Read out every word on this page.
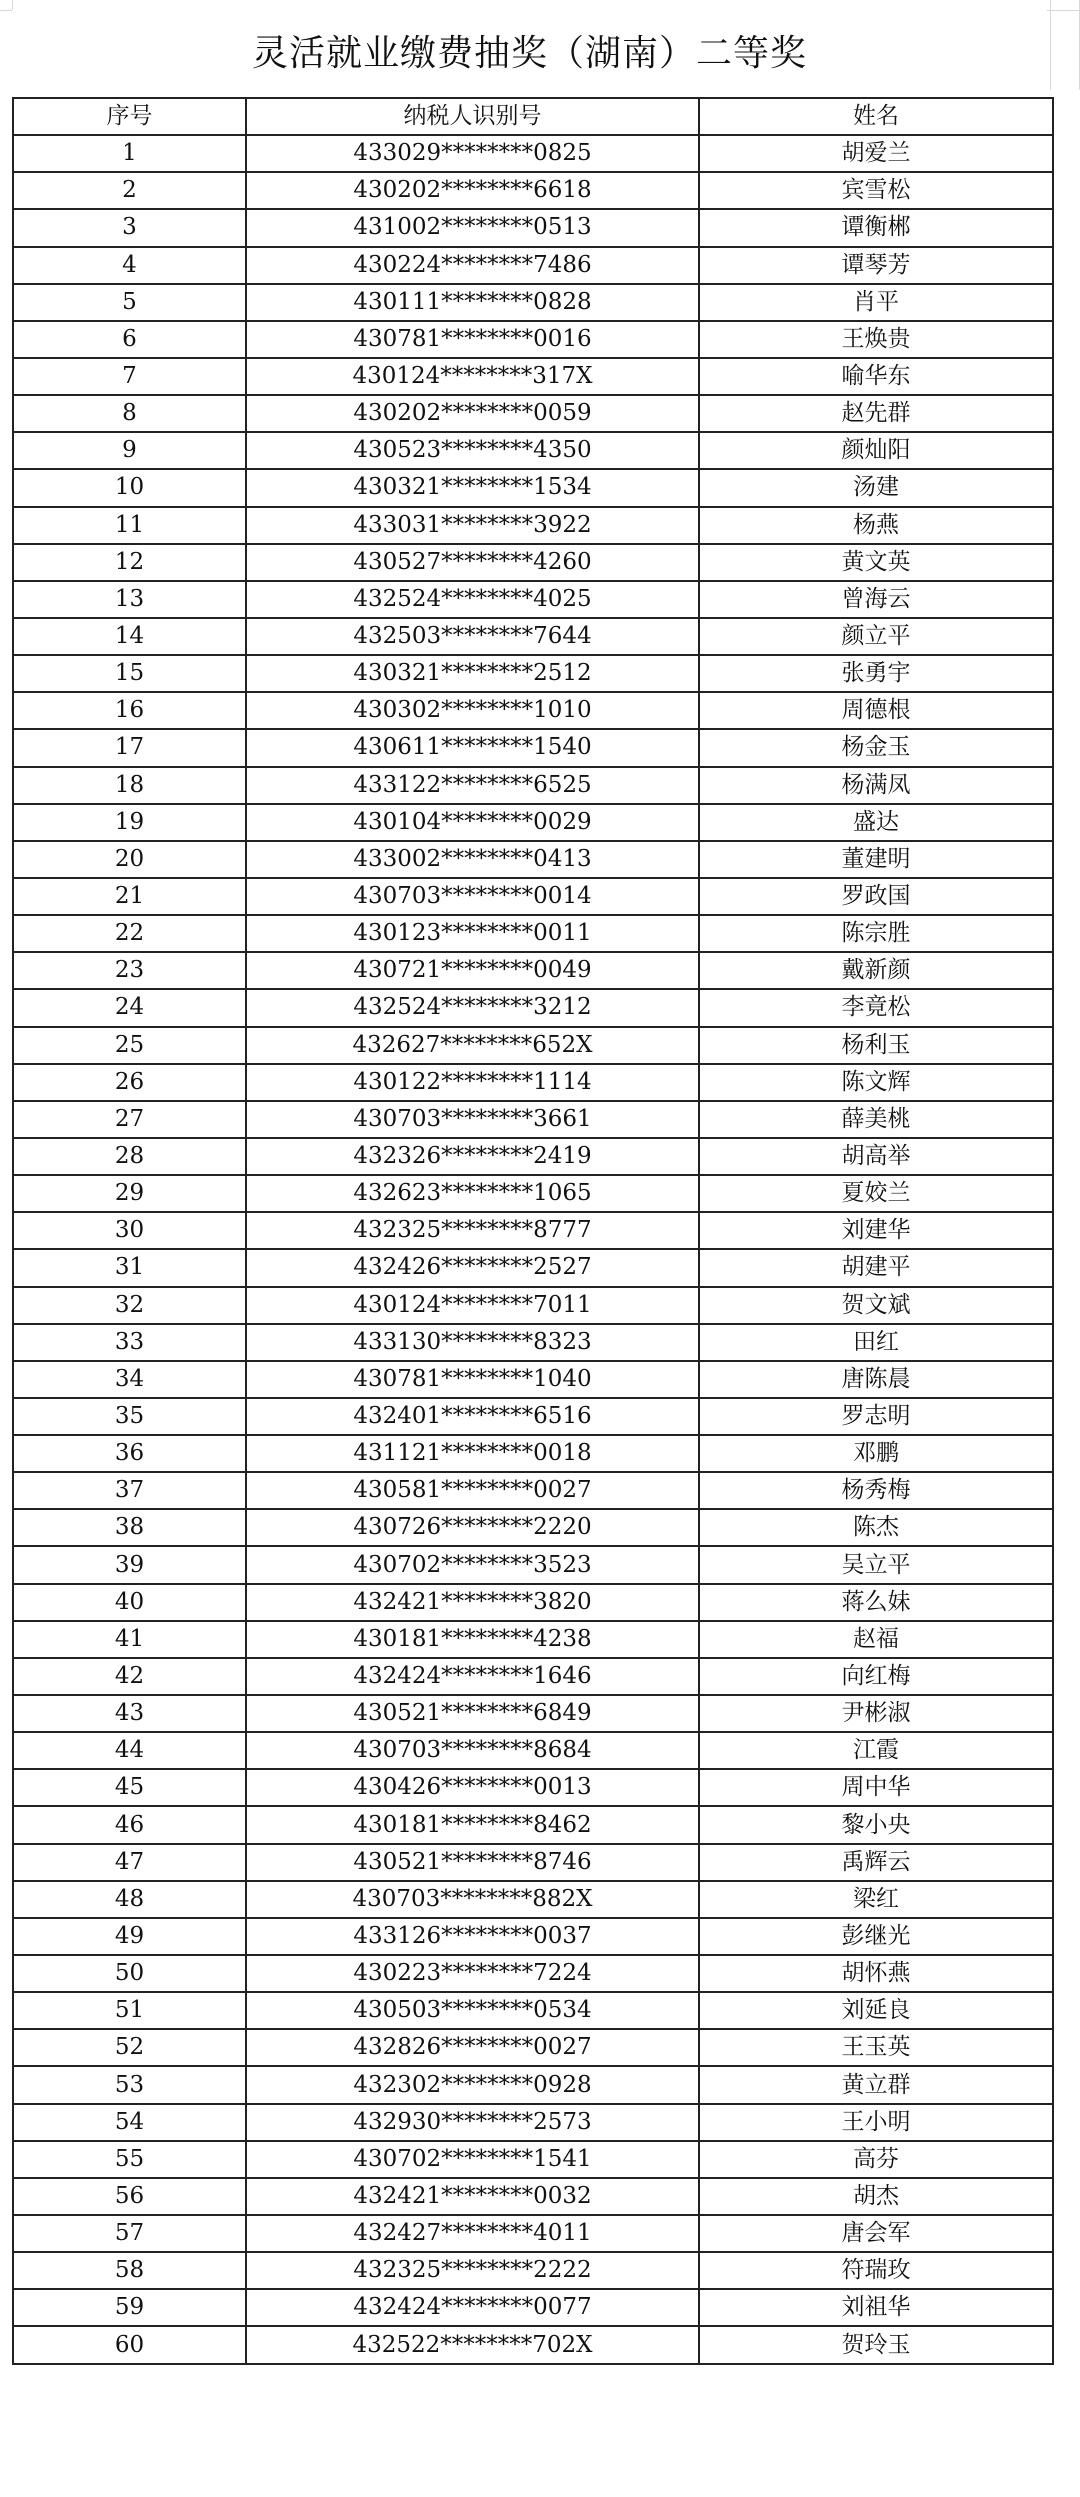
灵活就业缴费抽奖（湖南）二等奖
序号	纳税人识别号	姓名
1	433029********0825	胡爱兰
2	430202********6618	宾雪松
3	431002********0513	谭衡郴
4	430224********7486	谭琴芳
5	430111********0828	肖平
6	430781********0016	王焕贵
7	430124********317X	喻华东
8	430202********0059	赵先群
9	430523********4350	颜灿阳
10	430321********1534	汤建
11	433031********3922	杨燕
12	430527********4260	黄文英
13	432524********4025	曾海云
14	432503********7644	颜立平
15	430321********2512	张勇宇
16	430302********1010	周德根
17	430611********1540	杨金玉
18	433122********6525	杨满凤
19	430104********0029	盛达
20	433002********0413	董建明
21	430703********0014	罗政国
22	430123********0011	陈宗胜
23	430721********0049	戴新颜
24	432524********3212	李竟松
25	432627********652X	杨利玉
26	430122********1114	陈文辉
27	430703********3661	薛美桃
28	432326********2419	胡高举
29	432623********1065	夏姣兰
30	432325********8777	刘建华
31	432426********2527	胡建平
32	430124********7011	贺文斌
33	433130********8323	田红
34	430781********1040	唐陈晨
35	432401********6516	罗志明
36	431121********0018	邓鹏
37	430581********0027	杨秀梅
38	430726********2220	陈杰
39	430702********3523	吴立平
40	432421********3820	蒋么妹
41	430181********4238	赵福
42	432424********1646	向红梅
43	430521********6849	尹彬淑
44	430703********8684	江霞
45	430426********0013	周中华
46	430181********8462	黎小央
47	430521********8746	禹辉云
48	430703********882X	梁红
49	433126********0037	彭继光
50	430223********7224	胡怀燕
51	430503********0534	刘延良
52	432826********0027	王玉英
53	432302********0928	黄立群
54	432930********2573	王小明
55	430702********1541	高芬
56	432421********0032	胡杰
57	432427********4011	唐会军
58	432325********2222	符瑞玫
59	432424********0077	刘祖华
60	432522********702X	贺玲玉
